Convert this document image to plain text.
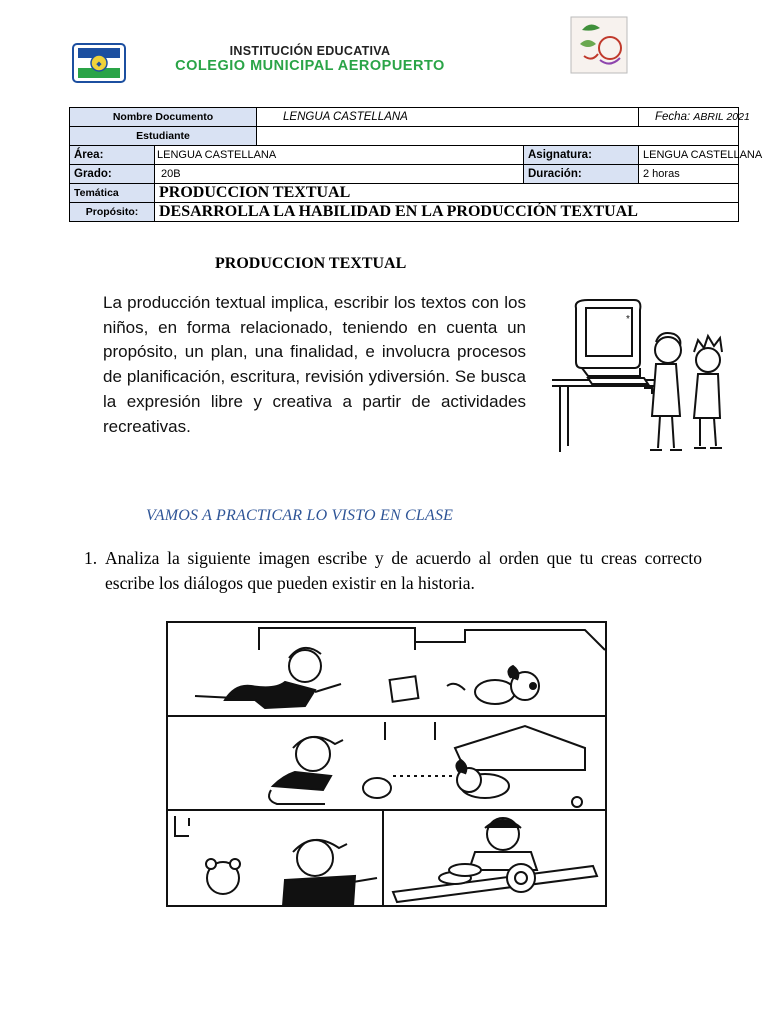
◆
INSTITUCIÓN EDUCATIVA
COLEGIO MUNICIPAL AEROPUERTO
Nombre Documento		LENGUA CASTELLANA		Fecha: ABRIL 2021
Estudiante				
Área:	LENGUA CASTELLANA		Asignatura:	LENGUA CASTELLANA
Grado:	20B		Duración:	2 horas
Temática	PRODUCCION TEXTUAL			
Propósito:	DESARROLLA LA HABILIDAD EN LA PRODUCCIÓN TEXTUAL			
PRODUCCION TEXTUAL
La producción textual implica, escribir los textos con los niños, en forma relacionado, teniendo en cuenta un propósito, un plan, una finalidad, e involucra procesos de planificación, escritura, revisión ydiversión. Se busca la expresión libre y creativa a partir de actividades recreativas.
*
VAMOS A PRACTICAR LO VISTO EN CLASE
1. Analiza la siguiente imagen escribe y de acuerdo al orden que tu creas correcto escribe los diálogos que pueden existir en la historia.
